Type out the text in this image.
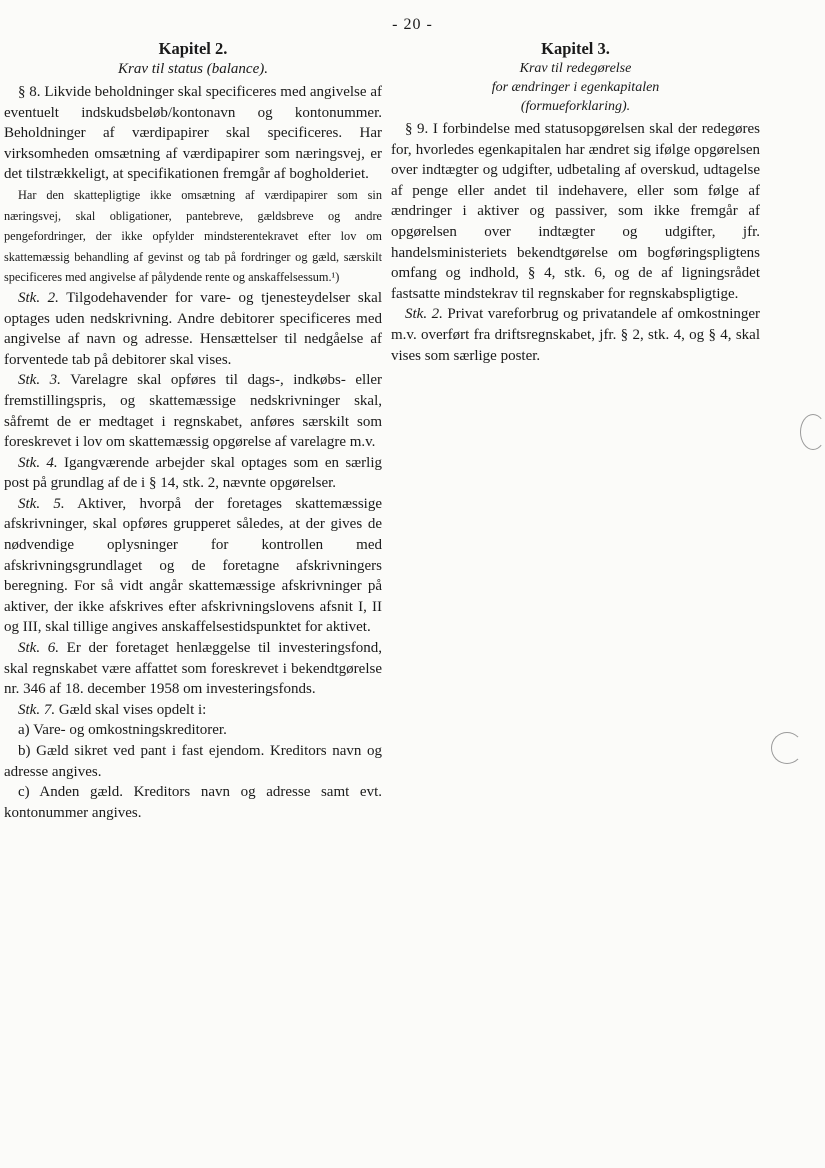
- 20 -
Kapitel 2.
Krav til status (balance).

§ 8. Likvide beholdninger skal specificeres med angivelse af eventuelt indskudsbeløb/kontonavn og kontonummer. Beholdninger af værdipapirer skal specificeres. Har virksomheden omsætning af værdipapirer som næringsvej, er det tilstrækkeligt, at specifikationen fremgår af bogholderiet.

Har den skattepligtige ikke omsætning af værdipapirer som sin næringsvej, skal obligationer, pantebreve, gældsbreve og andre pengefordringer, der ikke opfylder mindsterentekravet efter lov om skattemæssig behandling af gevinst og tab på fordringer og gæld, særskilt specificeres med angivelse af pålydende rente og anskaffelsessum.¹)

Stk. 2. Tilgodehavender for vare- og tjenesteydelser skal optages uden nedskrivning. Andre debitorer specificeres med angivelse af navn og adresse. Hensættelser til nedgåelse af forventede tab på debitorer skal vises.

Stk. 3. Varelagre skal opføres til dags-, indkøbs- eller fremstillingspris, og skattemæssige nedskrivninger skal, såfremt de er medtaget i regnskabet, anføres særskilt som foreskrevet i lov om skattemæssig opgørelse af varelagre m.v.

Stk. 4. Igangværende arbejder skal optages som en særlig post på grundlag af de i § 14, stk. 2, nævnte opgørelser.

Stk. 5. Aktiver, hvorpå der foretages skattemæssige afskrivninger, skal opføres grupperet således, at der gives de nødvendige oplysninger for kontrollen med afskrivningsgrundlaget og de foretagne afskrivningers beregning. For så vidt angår skattemæssige afskrivninger på aktiver, der ikke afskrives efter afskrivningslovens afsnit I, II og III, skal tillige angives anskaffelsestidspunktet for aktivet.

Stk. 6. Er der foretaget henlæggelse til investeringsfond, skal regnskabet være affattet som foreskrevet i bekendtgørelse nr. 346 af 18. december 1958 om investeringsfonds.

Stk. 7. Gæld skal vises opdelt i:

a) Vare- og omkostningskreditorer.

b) Gæld sikret ved pant i fast ejendom. Kreditors navn og adresse angives.

c) Anden gæld. Kreditors navn og adresse samt evt. kontonummer angives.

Kapitel 3.
Krav til redegørelse
for ændringer i egenkapitalen
(formueforklaring).

§ 9. I forbindelse med statusopgørelsen skal der redegøres for, hvorledes egenkapitalen har ændret sig ifølge opgørelsen over indtægter og udgifter, udbetaling af overskud, udtagelse af penge eller andet til indehavere, eller som følge af ændringer i aktiver og passiver, som ikke fremgår af opgørelsen over indtægter og udgifter, jfr. handelsministeriets bekendtgørelse om bogføringspligtens omfang og indhold, § 4, stk. 6, og de af ligningsrådet fastsatte mindstekrav til regnskaber for regnskabspligtige.

Stk. 2. Privat vareforbrug og privatandele af omkostninger m.v. overført fra driftsregnskabet, jfr. § 2, stk. 4, og § 4, skal vises som særlige poster.
